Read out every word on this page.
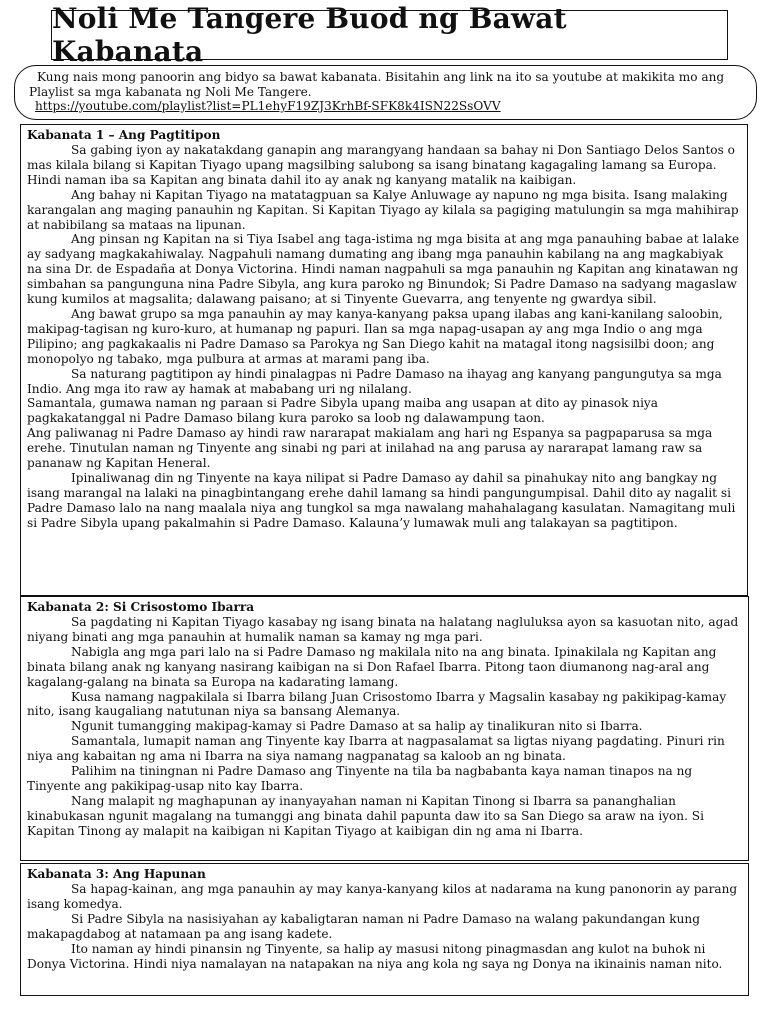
Noli Me Tangere Buod ng Bawat Kabanata
Kung nais mong panoorin ang bidyo sa bawat kabanata. Bisitahin ang link na ito sa youtube at makikita mo ang Playlist sa mga kabanata ng Noli Me Tangere.
https://youtube.com/playlist?list=PL1ehyF19ZJ3KrhBf-SFK8k4ISN22SsOVV
Kabanata 1 – Ang Pagtitipon

Sa gabing iyon ay nakatakdang ganapin ang marangyang handaan sa bahay ni Don Santiago Delos Santos o mas kilala bilang si Kapitan Tiyago upang magsilbing salubong sa isang binatang kagagaling lamang sa Europa. Hindi naman iba sa Kapitan ang binata dahil ito ay anak ng kanyang matalik na kaibigan.

Ang bahay ni Kapitan Tiyago na matatagpuan sa Kalye Anluwage ay napuno ng mga bisita. Isang malaking karangalan ang maging panauhin ng Kapitan. Si Kapitan Tiyago ay kilala sa pagiging matulungin sa mga mahihirap at nabibilang sa mataas na lipunan.

Ang pinsan ng Kapitan na si Tiya Isabel ang taga-istima ng mga bisita at ang mga panauhing babae at lalake ay sadyang magkakahiwalay. Nagpahuli namang dumating ang ibang mga panauhin kabilang na ang magkabiyak na sina Dr. de Espadaña at Donya Victorina. Hindi naman nagpahuli sa mga panauhin ng Kapitan ang kinatawan ng simbahan sa pangunguna nina Padre Sibyla, ang kura paroko ng Binundok; Si Padre Damaso na sadyang magaslaw kung kumilos at magsalita; dalawang paisano; at si Tinyente Guevarra, ang tenyente ng gwardya sibil.

Ang bawat grupo sa mga panauhin ay may kanya-kanyang paksa upang ilabas ang kani-kanilang saloobin, makipag-tagisan ng kuro-kuro, at humanap ng papuri. Ilan sa mga napag-usapan ay ang mga Indio o ang mga Pilipino; ang pagkakaalis ni Padre Damaso sa Parokya ng San Diego kahit na matagal itong nagsisilbi doon; ang monopolyo ng tabako, mga pulbura at armas at marami pang iba.

Sa naturang pagtitipon ay hindi pinalagpas ni Padre Damaso na ihayag ang kanyang pangungutya sa mga Indio. Ang mga ito raw ay hamak at mababang uri ng nilalang.

Samantala, gumawa naman ng paraan si Padre Sibyla upang maiba ang usapan at dito ay pinasok niya pagkakatanggal ni Padre Damaso bilang kura paroko sa loob ng dalawampung taon.

Ang paliwanag ni Padre Damaso ay hindi raw nararapat makialam ang hari ng Espanya sa pagpaparusa sa mga erehe. Tinutulan naman ng Tinyente ang sinabi ng pari at inilahad na ang parusa ay nararapat lamang raw sa pananaw ng Kapitan Heneral.

Ipinaliwanag din ng Tinyente na kaya nilipat si Padre Damaso ay dahil sa pinahukay nito ang bangkay ng isang marangal na lalaki na pinagbintangang erehe dahil lamang sa hindi pangungumpisal. Dahil dito ay nagalit si Padre Damaso lalo na nang maalala niya ang tungkol sa mga nawalang mahahalagang kasulatan. Namagitang muli si Padre Sibyla upang pakalmahin si Padre Damaso. Kalauna’y lumawak muli ang talakayan sa pagtitipon.

Kabanata 2: Si Crisostomo Ibarra

Sa pagdating ni Kapitan Tiyago kasabay ng isang binata na halatang nagluluksa ayon sa kasuotan nito, agad niyang binati ang mga panauhin at humalik naman sa kamay ng mga pari.

Nabigla ang mga pari lalo na si Padre Damaso ng makilala nito na ang binata. Ipinakilala ng Kapitan ang binata bilang anak ng kanyang nasirang kaibigan na si Don Rafael Ibarra. Pitong taon diumanong nag-aral ang kagalang-galang na binata sa Europa na kadarating lamang.

Kusa namang nagpakilala si Ibarra bilang Juan Crisostomo Ibarra y Magsalin kasabay ng pakikipag-kamay nito, isang kaugaliang natutunan niya sa bansang Alemanya.

Ngunit tumangging makipag-kamay si Padre Damaso at sa halip ay tinalikuran nito si Ibarra.

Samantala, lumapit naman ang Tinyente kay Ibarra at nagpasalamat sa ligtas niyang pagdating. Pinuri rin niya ang kabaitan ng ama ni Ibarra na siya namang nagpanatag sa kaloob an ng binata.

Palihim na tiningnan ni Padre Damaso ang Tinyente na tila ba nagbabanta kaya naman tinapos na ng Tinyente ang pakikipag-usap nito kay Ibarra.

Nang malapit ng maghapunan ay inanyayahan naman ni Kapitan Tinong si Ibarra sa pananghalian kinabukasan ngunit magalang na tumanggi ang binata dahil papunta daw ito sa San Diego sa araw na iyon. Si Kapitan Tinong ay malapit na kaibigan ni Kapitan Tiyago at kaibigan din ng ama ni Ibarra.

Kabanata 3: Ang Hapunan

Sa hapag-kainan, ang mga panauhin ay may kanya-kanyang kilos at nadarama na kung panonorin ay parang isang komedya.

Si Padre Sibyla na nasisiyahan ay kabaligtaran naman ni Padre Damaso na walang pakundangan kung makapagdabog at natamaan pa ang isang kadete.

Ito naman ay hindi pinansin ng Tinyente, sa halip ay masusi nitong pinagmasdan ang kulot na buhok ni Donya Victorina. Hindi niya namalayan na natapakan na niya ang kola ng saya ng Donya na ikinainis naman nito.
